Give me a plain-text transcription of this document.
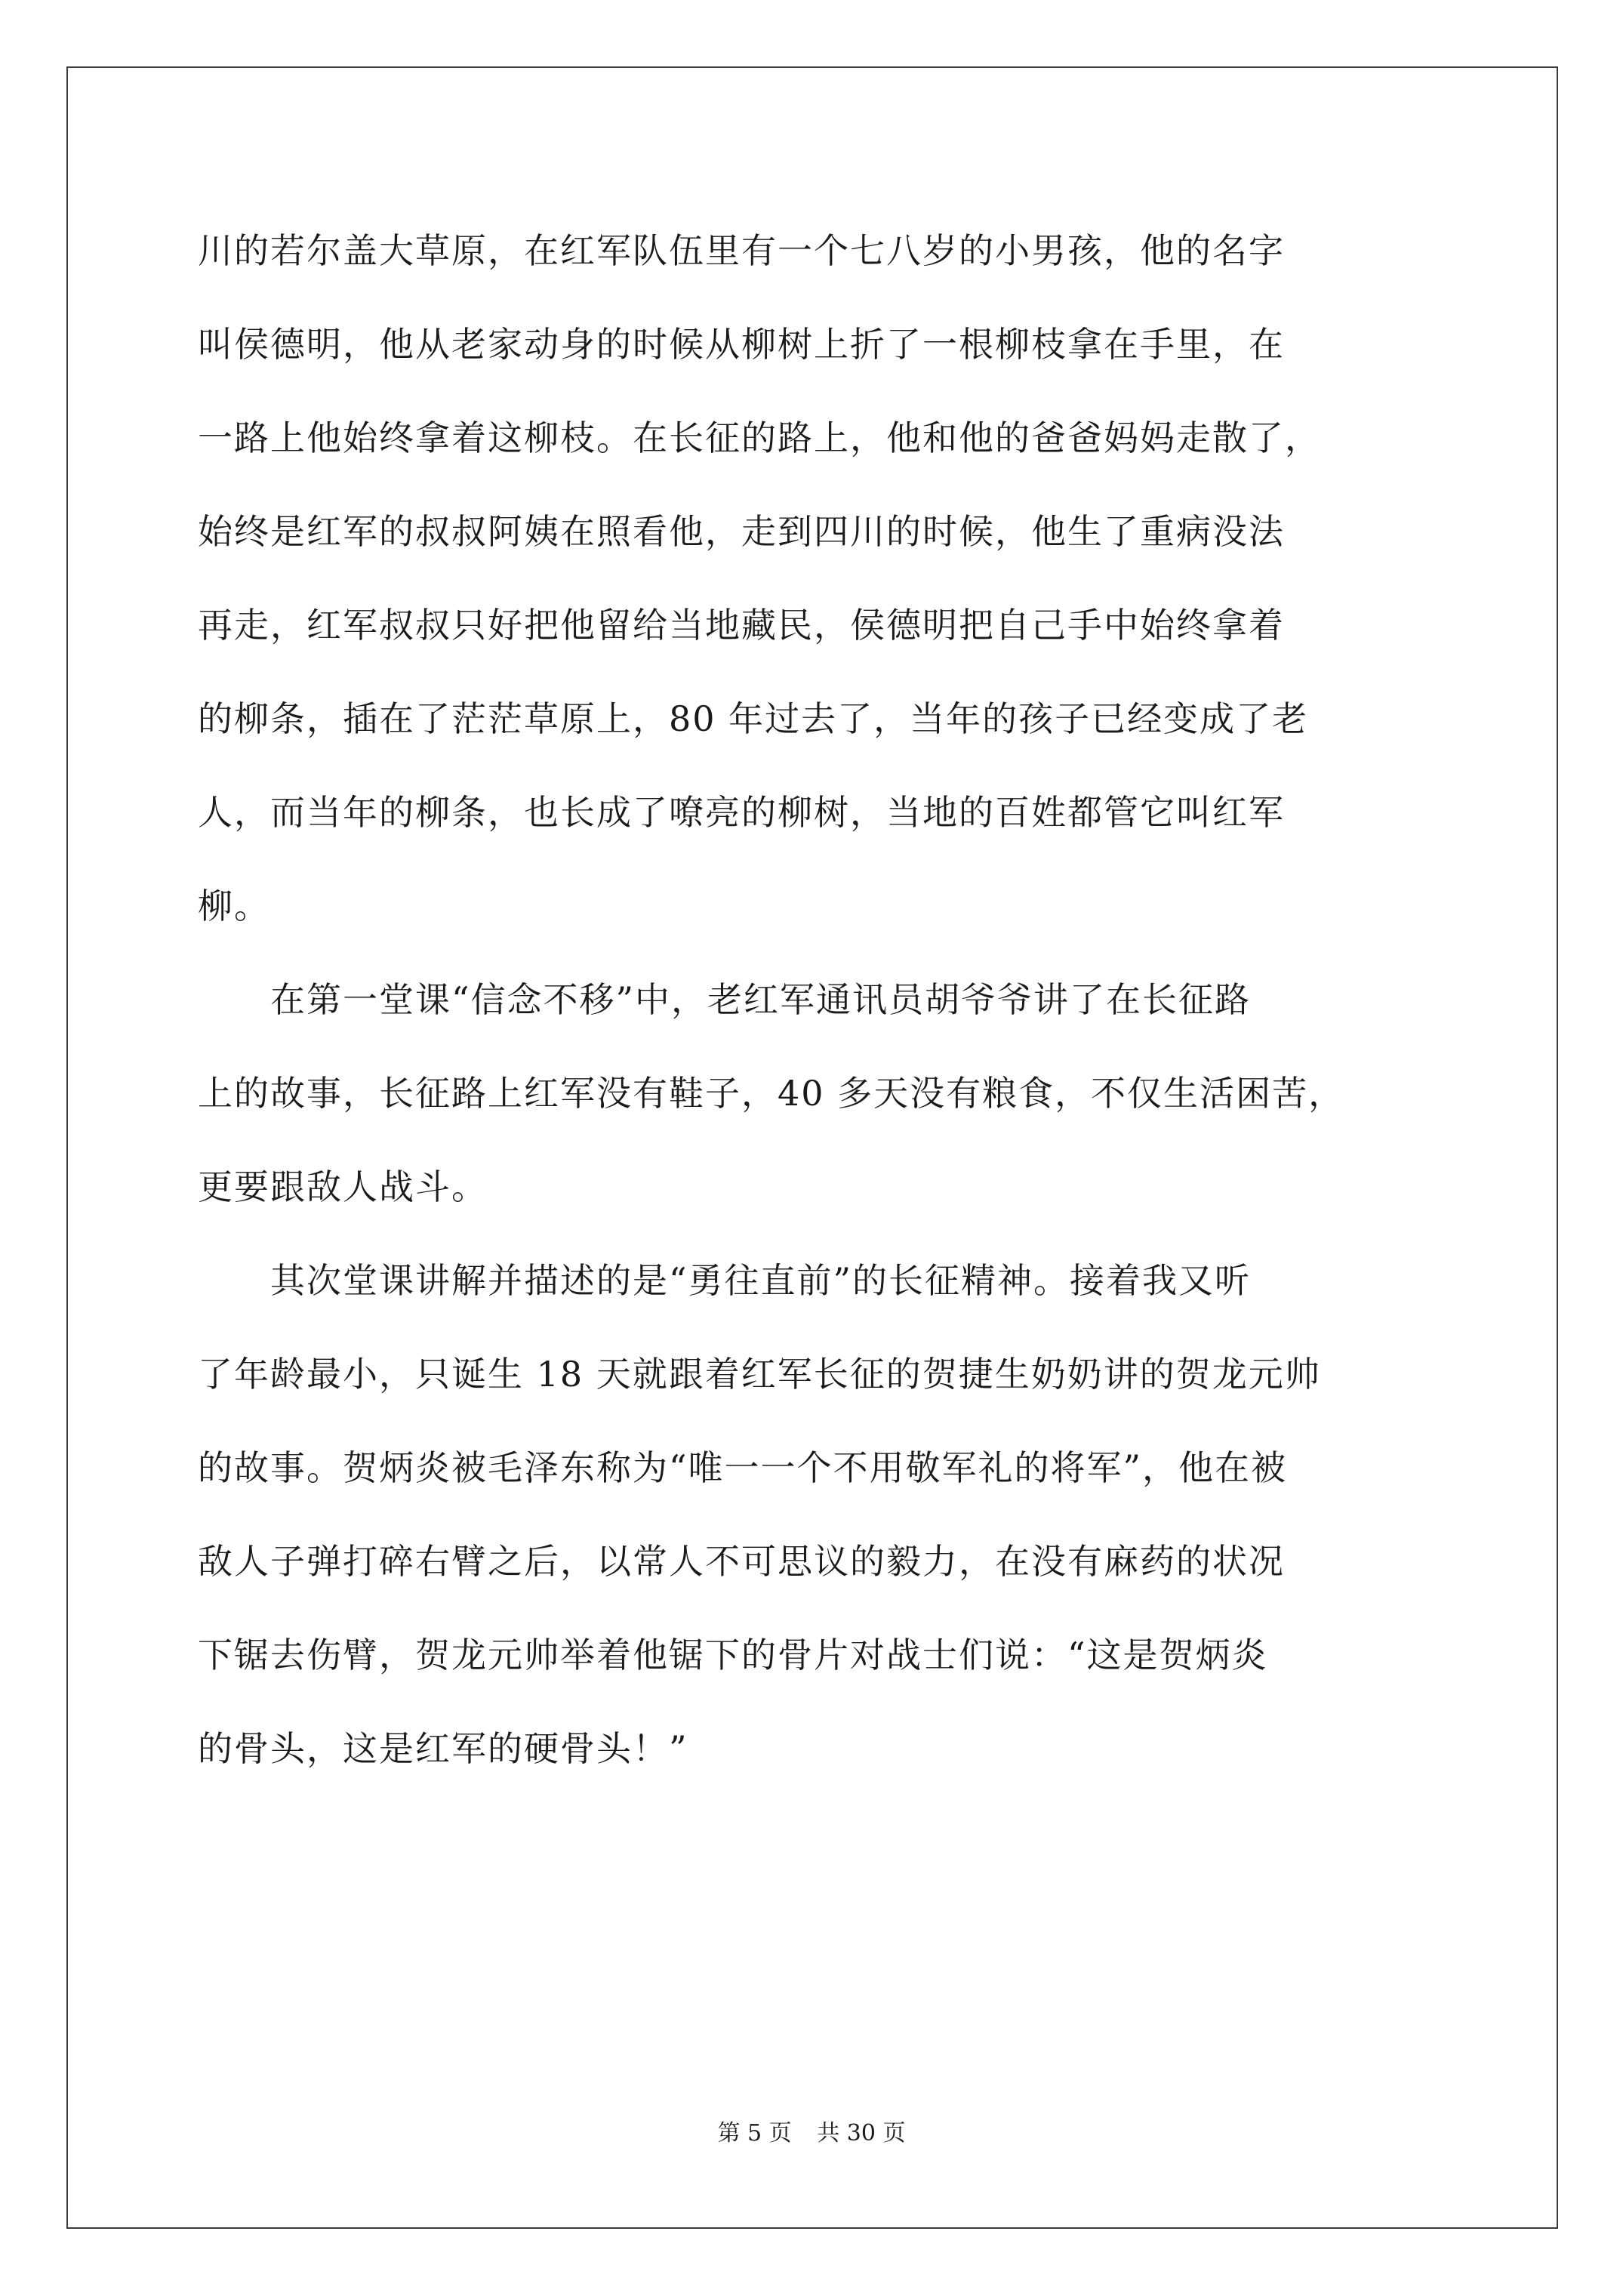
川的若尔盖大草原，在红军队伍里有一个七八岁的小男孩，他的名字
叫侯德明，他从老家动身的时候从柳树上折了一根柳枝拿在手里，在
一路上他始终拿着这柳枝。在长征的路上，他和他的爸爸妈妈走散了，
始终是红军的叔叔阿姨在照看他，走到四川的时候，他生了重病没法
再走，红军叔叔只好把他留给当地藏民，侯德明把自己手中始终拿着
的柳条，插在了茫茫草原上，80 年过去了，当年的孩子已经变成了老
人，而当年的柳条，也长成了嘹亮的柳树，当地的百姓都管它叫红军
柳。
　　在第一堂课“信念不移”中，老红军通讯员胡爷爷讲了在长征路
上的故事，长征路上红军没有鞋子，40 多天没有粮食，不仅生活困苦，
更要跟敌人战斗。
　　其次堂课讲解并描述的是“勇往直前”的长征精神。接着我又听
了年龄最小，只诞生 18 天就跟着红军长征的贺捷生奶奶讲的贺龙元帅
的故事。贺炳炎被毛泽东称为“唯一一个不用敬军礼的将军”，他在被
敌人子弹打碎右臂之后，以常人不可思议的毅力，在没有麻药的状况
下锯去伤臂，贺龙元帅举着他锯下的骨片对战士们说：“这是贺炳炎
的骨头，这是红军的硬骨头！”
第 5 页 共 30 页
